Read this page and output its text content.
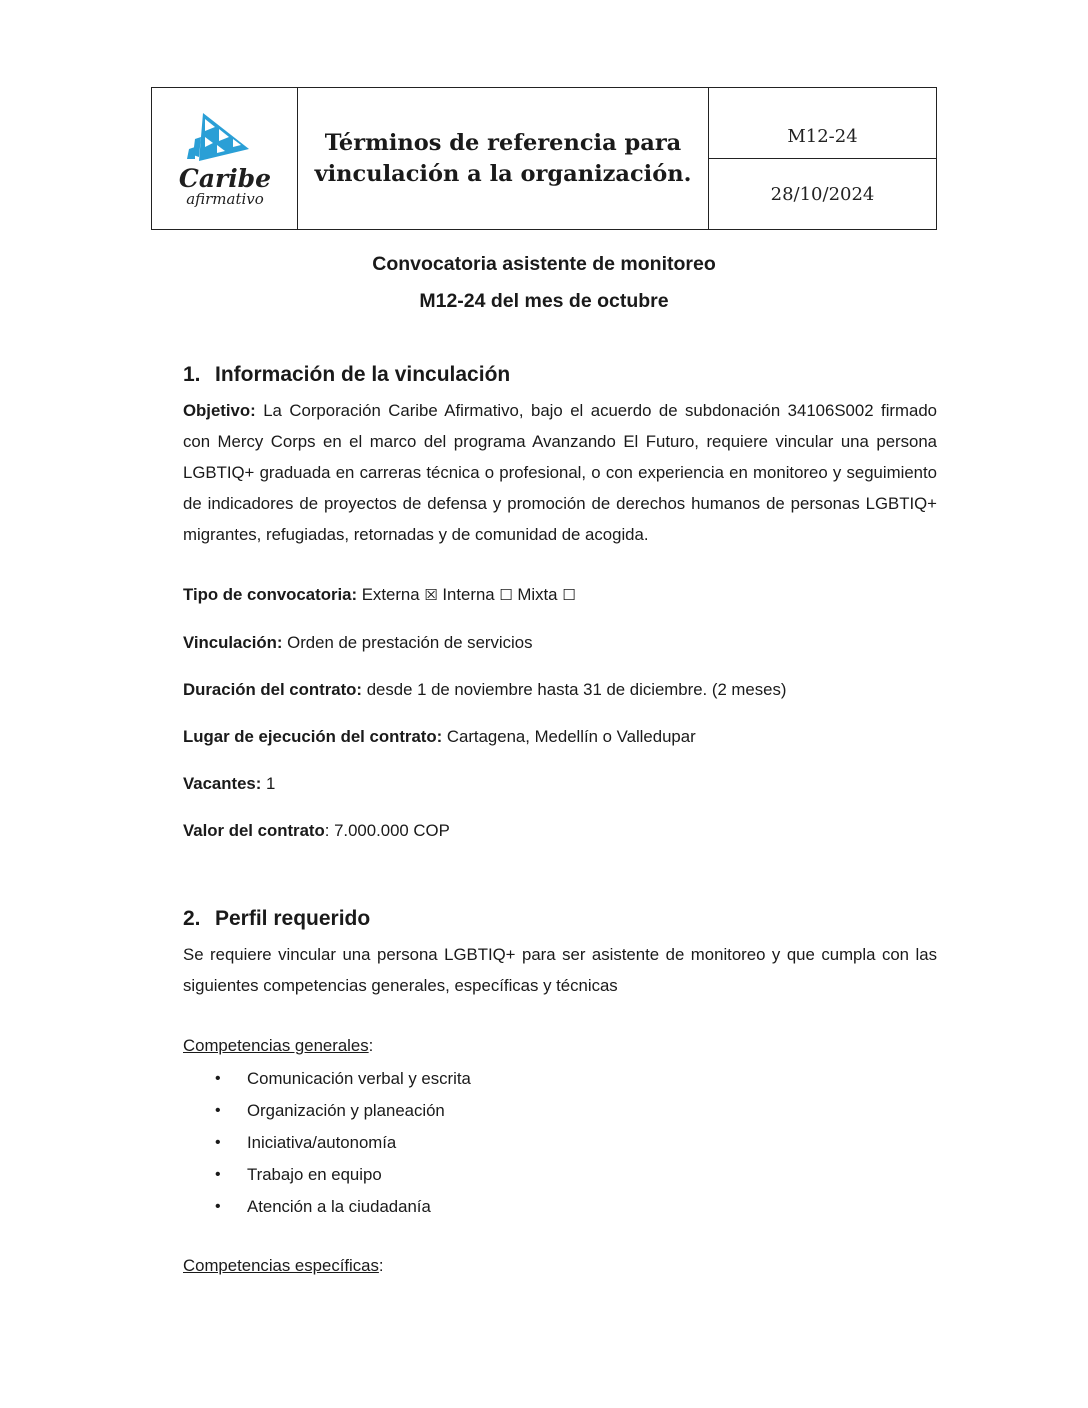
Caribe
afirmativo
	Términos de referencia para vinculación a la organización.	
M12-24

28/10/2024
Convocatoria asistente de monitoreo
M12-24 del mes de octubre
1. Información de la vinculación
Objetivo: La Corporación Caribe Afirmativo, bajo el acuerdo de subdonación 34106S002 firmado con Mercy Corps en el marco del programa Avanzando El Futuro, requiere vincular una persona LGBTIQ+ graduada en carreras técnica o profesional, o con experiencia en monitoreo y seguimiento de indicadores de proyectos de defensa y promoción de derechos humanos de personas LGBTIQ+ migrantes, refugiadas, retornadas y de comunidad de acogida.
Tipo de convocatoria: Externa ☒ Interna ☐ Mixta ☐
Vinculación: Orden de prestación de servicios
Duración del contrato: desde 1 de noviembre hasta 31 de diciembre. (2 meses)
Lugar de ejecución del contrato: Cartagena, Medellín o Valledupar
Vacantes: 1
Valor del contrato: 7.000.000 COP
2. Perfil requerido
Se requiere vincular una persona LGBTIQ+ para ser asistente de monitoreo y que cumpla con las siguientes competencias generales, específicas y técnicas
Competencias generales:
• Comunicación verbal y escrita
• Organización y planeación
• Iniciativa/autonomía
• Trabajo en equipo
• Atención a la ciudadanía
Competencias específicas:
